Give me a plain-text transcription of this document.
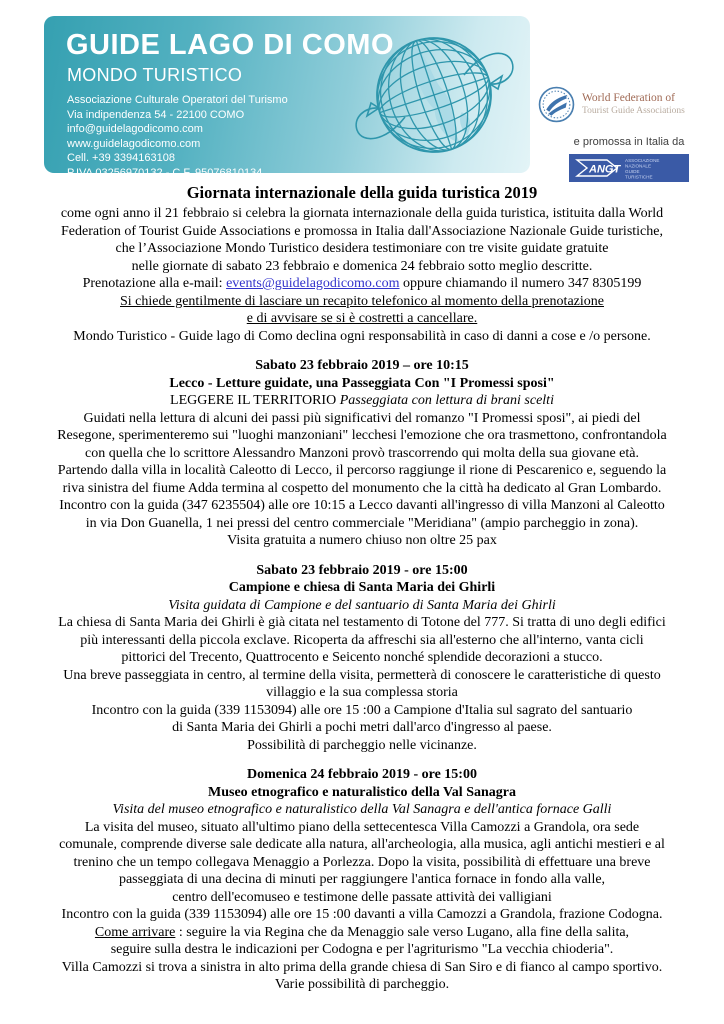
GUIDE LAGO DI COMO
MONDO TURISTICO
Associazione Culturale Operatori del Turismo
Via indipendenza 54 - 22100 COMO
info@guidelagodicomo.com
www.guidelagodicomo.com
Cell. +39 3394163108
P.IVA 03256970132 - C.F. 95076810134
World Federation of
Tourist Guide Associations
e promossa in Italia da
ANGT
ASSOCIAZIONE
NAZIONALE
GUIDE
TURISTICHE
Giornata internazionale della guida turistica 2019
come ogni anno il 21 febbraio si celebra la giornata internazionale della guida turistica, istituita dalla World
Federation of Tourist Guide Associations e promossa in Italia dall'Associazione Nazionale Guide turistiche,
che l’Associazione Mondo Turistico desidera testimoniare con tre visite guidate gratuite
nelle giornate di sabato 23 febbraio e domenica 24 febbraio sotto meglio descritte.
Prenotazione alla e-mail: events@guidelagodicomo.com oppure chiamando il numero 347 8305199
Si chiede gentilmente di lasciare un recapito telefonico al momento della prenotazione
e di avvisare se si è costretti a cancellare.
Mondo Turistico - Guide lago di Como declina ogni responsabilità in caso di danni a cose e /o persone.
Sabato 23 febbraio 2019 – ore 10:15
Lecco - Letture guidate, una Passeggiata Con "I Promessi sposi"
LEGGERE IL TERRITORIO Passeggiata con lettura di brani scelti
Guidati nella lettura di alcuni dei passi più significativi del romanzo "I Promessi sposi", ai piedi del
Resegone, sperimenteremo sui "luoghi manzoniani" lecchesi l'emozione che ora trasmettono, confrontandola
con quella che lo scrittore Alessandro Manzoni provò trascorrendo qui molta della sua giovane età.
Partendo dalla villa in località Caleotto di Lecco, il percorso raggiunge il rione di Pescarenico e, seguendo la
riva sinistra del fiume Adda termina al cospetto del monumento che la città ha dedicato al Gran Lombardo.
Incontro con la guida (347 6235504) alle ore 10:15 a Lecco davanti all'ingresso di villa Manzoni al Caleotto
in via Don Guanella, 1 nei pressi del centro commerciale "Meridiana" (ampio parcheggio in zona).
Visita gratuita a numero chiuso non oltre 25 pax
Sabato 23 febbraio 2019 - ore 15:00
Campione e chiesa di Santa Maria dei Ghirli
Visita guidata di Campione e del santuario di Santa Maria dei Ghirli
La chiesa di Santa Maria dei Ghirli è già citata nel testamento di Totone del 777. Si tratta di uno degli edifici
più interessanti della piccola exclave. Ricoperta da affreschi sia all'esterno che all'interno, vanta cicli
pittorici del Trecento, Quattrocento e Seicento nonché splendide decorazioni a stucco.
Una breve passeggiata in centro, al termine della visita, permetterà di conoscere le caratteristiche di questo
villaggio e la sua complessa storia
Incontro con la guida (339 1153094) alle ore 15 :00 a Campione d'Italia sul sagrato del santuario
di Santa Maria dei Ghirli a pochi metri dall'arco d'ingresso al paese.
Possibilità di parcheggio nelle vicinanze.
Domenica 24 febbraio 2019 - ore 15:00
Museo etnografico e naturalistico della Val Sanagra
Visita del museo etnografico e naturalistico della Val Sanagra e dell'antica fornace Galli
La visita del museo, situato all'ultimo piano della settecentesca Villa Camozzi a Grandola, ora sede
comunale, comprende diverse sale dedicate alla natura, all'archeologia, alla musica, agli antichi mestieri e al
trenino che un tempo collegava Menaggio a Porlezza. Dopo la visita, possibilità di effettuare una breve
passeggiata di una decina di minuti per raggiungere l'antica fornace in fondo alla valle,
centro dell'ecomuseo e testimone delle passate attività dei valligiani
Incontro con la guida (339 1153094) alle ore 15 :00 davanti a villa Camozzi a Grandola, frazione Codogna.
Come arrivare : seguire la via Regina che da Menaggio sale verso Lugano, alla fine della salita,
seguire sulla destra le indicazioni per Codogna e per l'agriturismo "La vecchia chioderia".
Villa Camozzi si trova a sinistra in alto prima della grande chiesa di San Siro e di fianco al campo sportivo.
Varie possibilità di parcheggio.
